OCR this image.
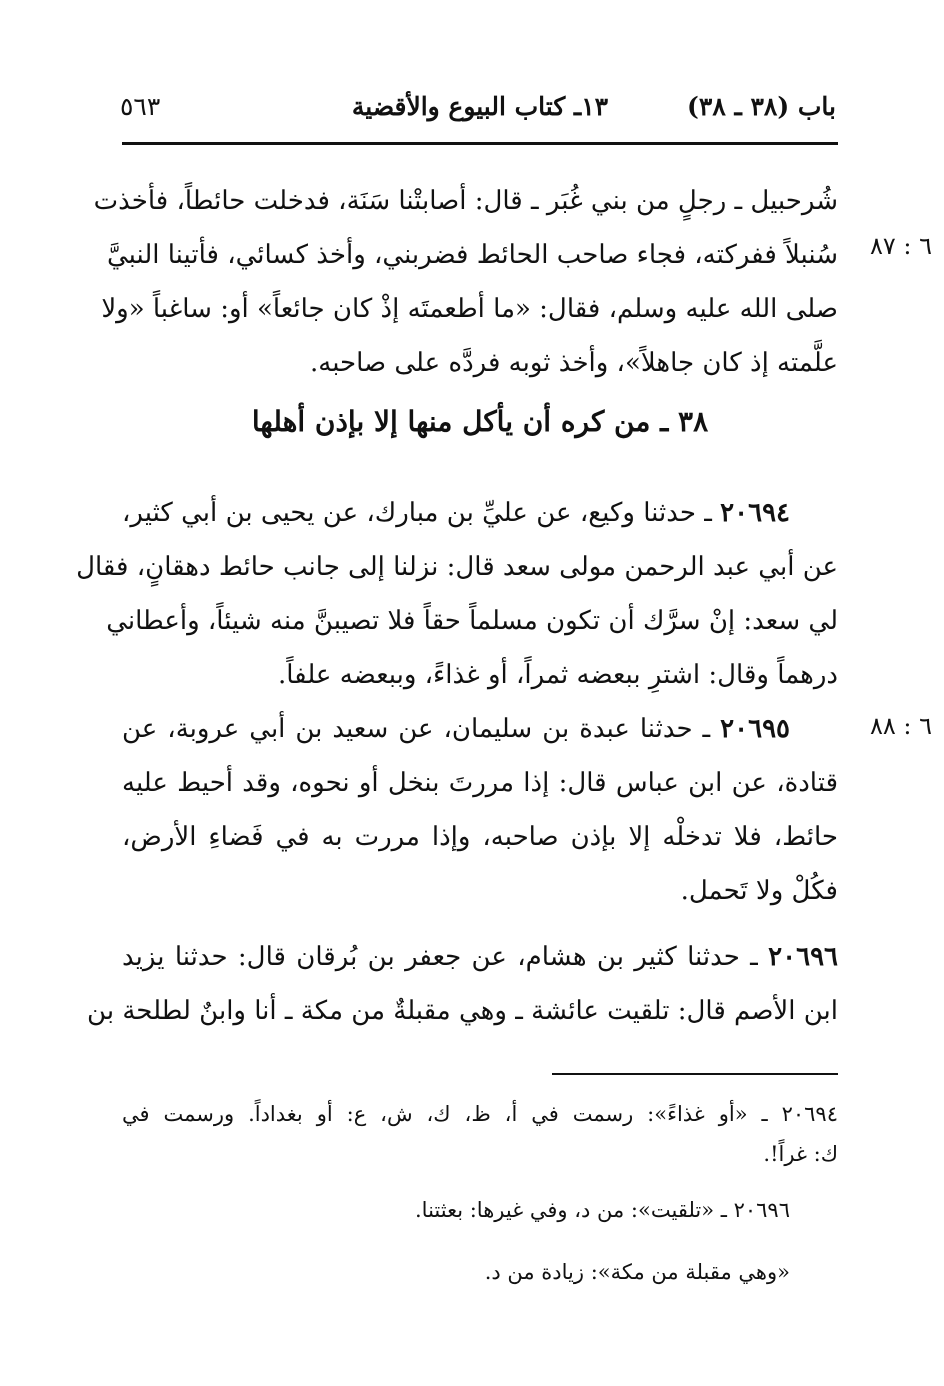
باب (٣٨ ـ ٣٨)
١٣ـ كتاب البيوع والأقضية
٥٦٣
شُرحبيل ـ رجلٍ من بني غُبَر ـ قال: أصابتْنا سَنَة، فدخلت حائطاً، فأخذت
سُنبلاً ففركته، فجاء صاحب الحائط فضربني، وأخذ كسائي، فأتينا النبيَّ
صلى الله عليه وسلم، فقال: «ما أطعمتَه إذْ كان جائعاً» أو: ساغباً «ولا
علَّمته إذ كان جاهلاً»، وأخذ ثوبه فردَّه على صاحبه.
٦ : ٨٧
٣٨ ـ من كره أن يأكل منها إلا بإذن أهلها
٢٠٦٩٤ ـ حدثنا وكيع، عن عليِّ بن مبارك، عن يحيى بن أبي كثير،
عن أبي عبد الرحمن مولى سعد قال: نزلنا إلى جانب حائط دهقانٍ، فقال
لي سعد: إنْ سرَّك أن تكون مسلماً حقاً فلا تصيبنَّ منه شيئاً، وأعطاني
درهماً وقال: اشترِ ببعضه ثمراً، أو غذاءً، وببعضه علفاً.
٢٠٦٩٥ ـ حدثنا عبدة بن سليمان، عن سعيد بن أبي عروبة، عن
قتادة، عن ابن عباس قال: إذا مررتَ بنخل أو نحوه، وقد أحيط عليه
حائط، فلا تدخلْه إلا بإذن صاحبه، وإذا مررت به في فَضاءِ الأرض،
فكُلْ ولا تَحمل.
٦ : ٨٨
٢٠٦٩٦ ـ حدثنا كثير بن هشام، عن جعفر بن بُرقان قال: حدثنا يزيد
ابن الأصم قال: تلقيت عائشة ـ وهي مقبلةٌ من مكة ـ أنا وابنٌ لطلحة بن
٢٠٦٩٤ ـ «أو غذاءً»: رسمت في أ، ظ، ك، ش، ع: أو بغداداً. ورسمت في
ك: غراً!.
٢٠٦٩٦ ـ «تلقيت»: من د، وفي غيرها: بعثتنا.
«وهي مقبلة من مكة»: زيادة من د.
